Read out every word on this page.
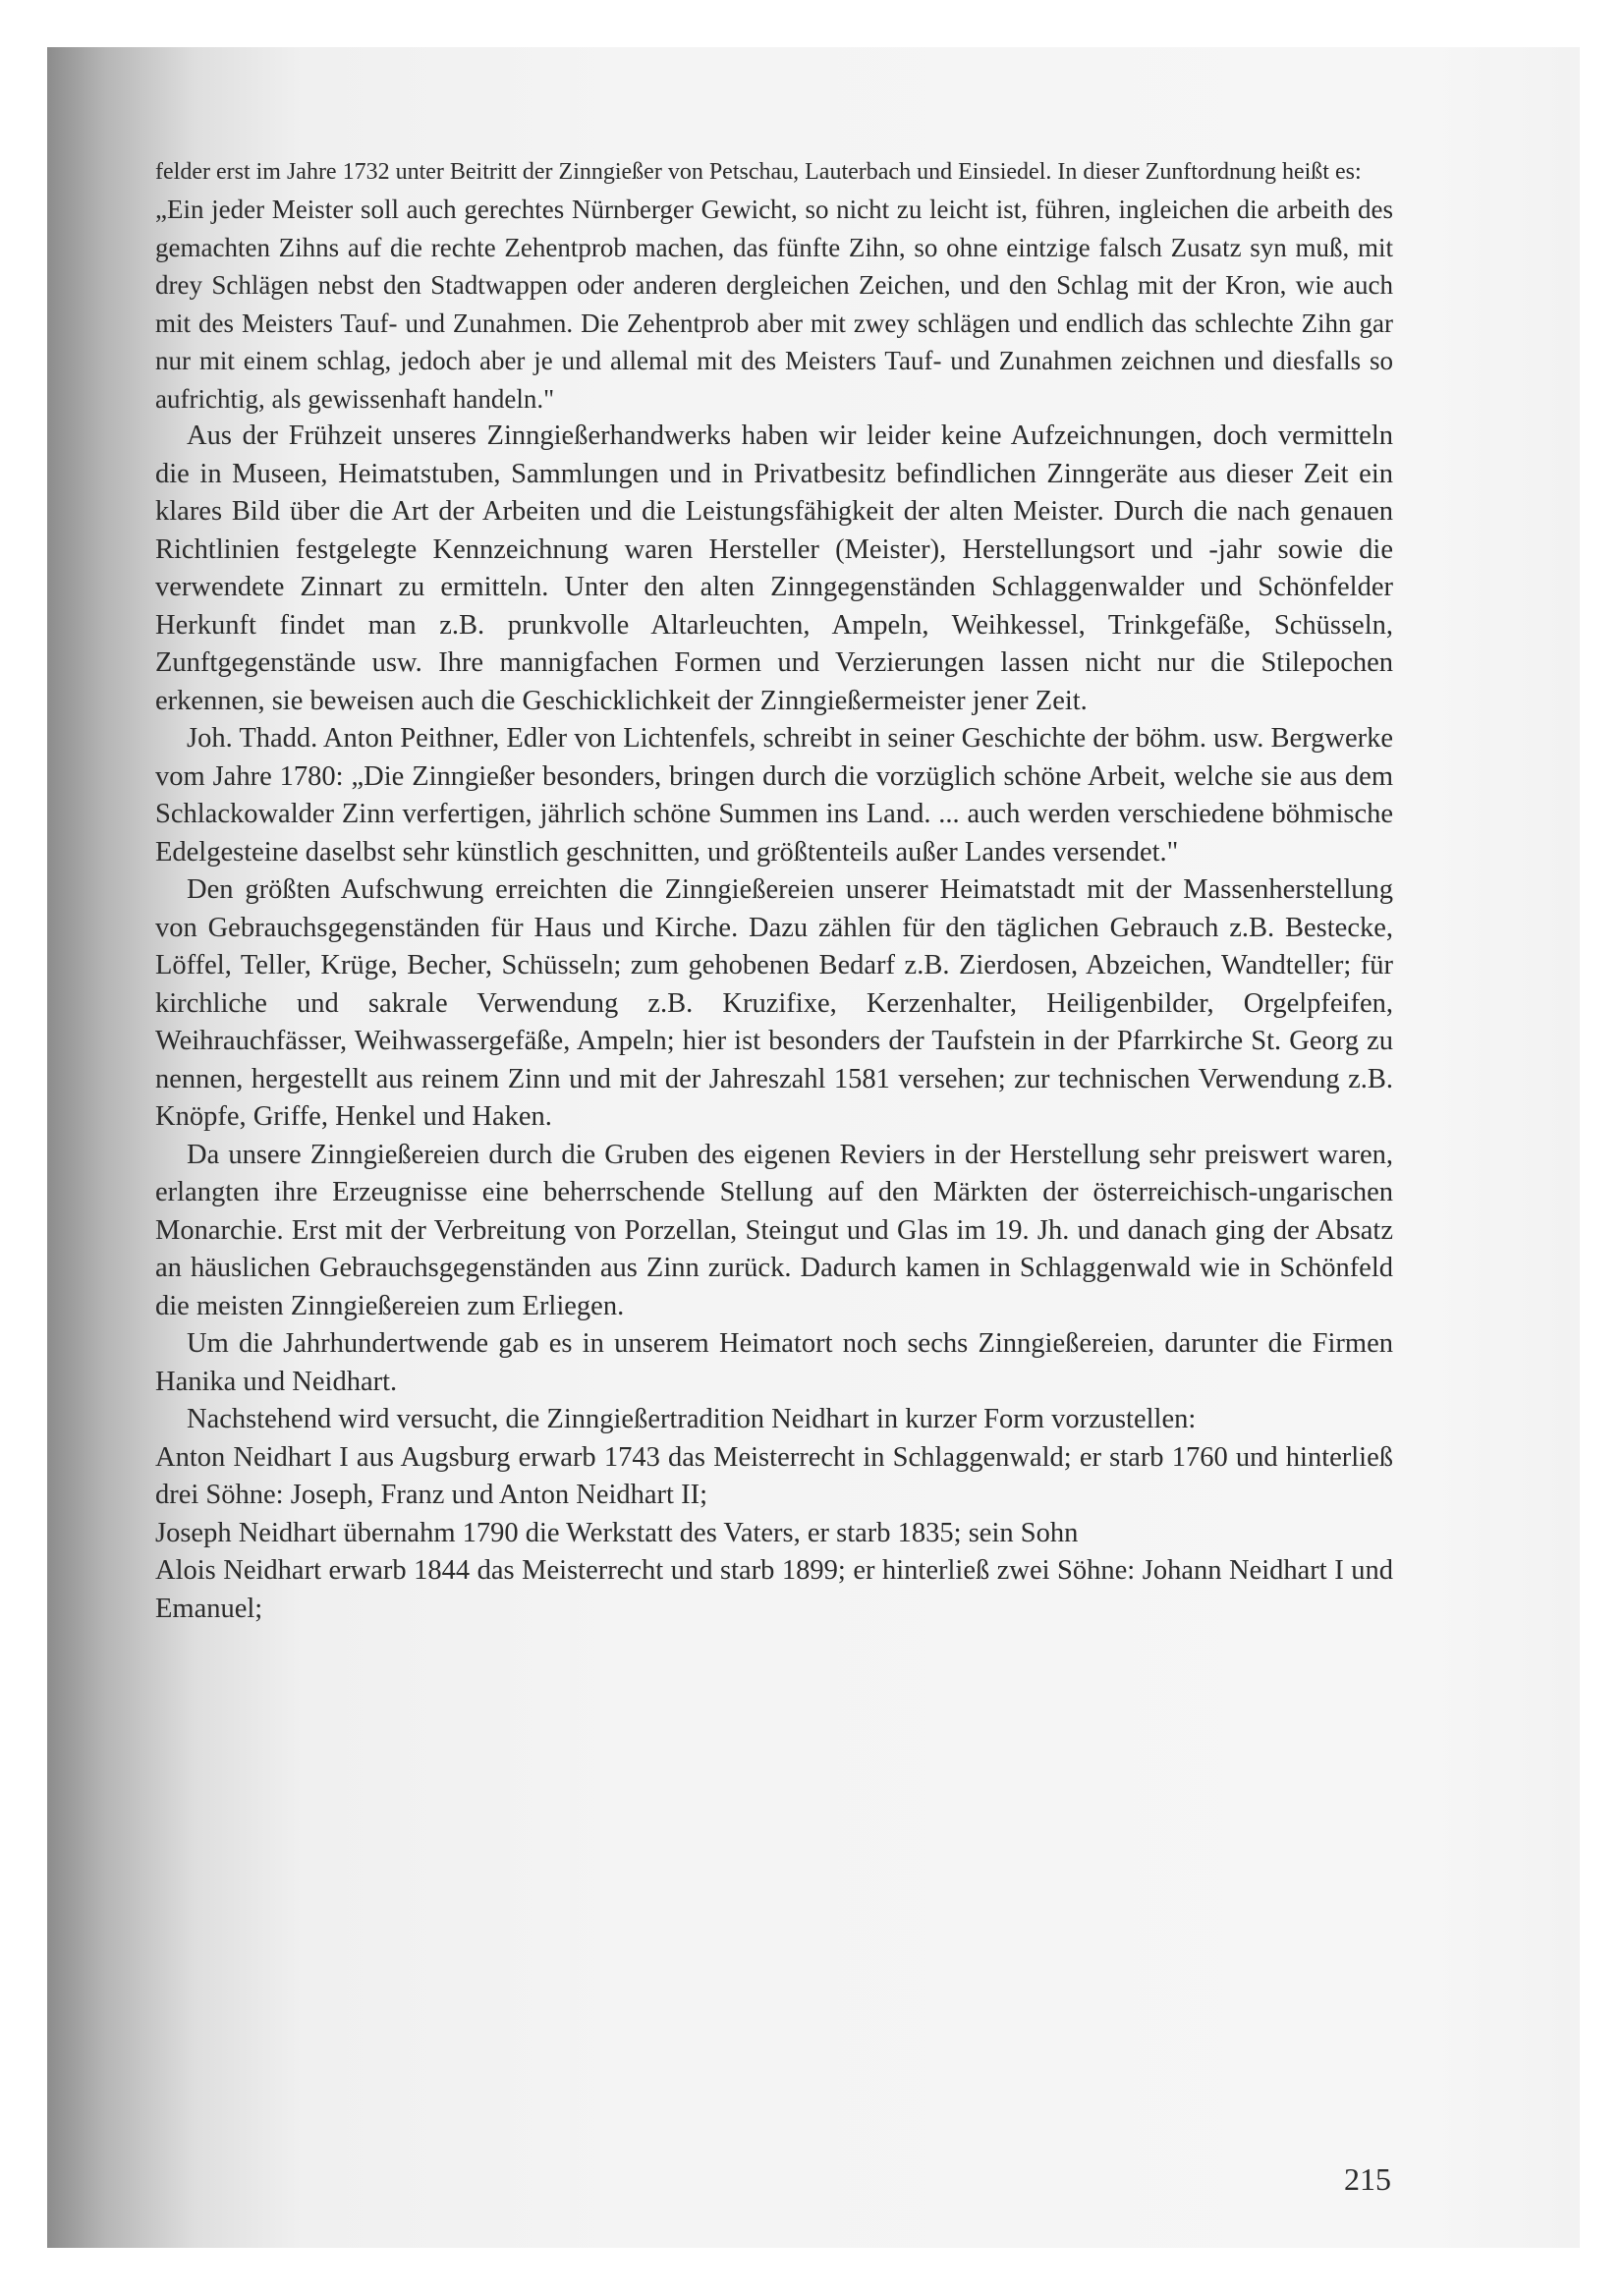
felder erst im Jahre 1732 unter Beitritt der Zinngießer von Petschau, Lauterbach und Einsiedel. In dieser Zunftordnung heißt es:

„Ein jeder Meister soll auch gerechtes Nürnberger Gewicht, so nicht zu leicht ist, führen, ingleichen die arbeith des gemachten Zihns auf die rechte Zehentprob machen, das fünfte Zihn, so ohne eintzige falsch Zusatz syn muß, mit drey Schlägen nebst den Stadtwappen oder anderen dergleichen Zeichen, und den Schlag mit der Kron, wie auch mit des Meisters Tauf- und Zunahmen. Die Zehentprob aber mit zwey schlägen und endlich das schlechte Zihn gar nur mit einem schlag, jedoch aber je und allemal mit des Meisters Tauf- und Zunahmen zeichnen und diesfalls so aufrichtig, als gewissenhaft handeln."

Aus der Frühzeit unseres Zinngießerhandwerks haben wir leider keine Aufzeichnungen, doch vermitteln die in Museen, Heimatstuben, Sammlungen und in Privatbesitz befindlichen Zinngeräte aus dieser Zeit ein klares Bild über die Art der Arbeiten und die Leistungsfähigkeit der alten Meister. Durch die nach genauen Richtlinien festgelegte Kennzeichnung waren Hersteller (Meister), Herstellungsort und -jahr sowie die verwendete Zinnart zu ermitteln. Unter den alten Zinngegenständen Schlaggenwalder und Schönfelder Herkunft findet man z.B. prunkvolle Altarleuchten, Ampeln, Weihkessel, Trinkgefäße, Schüsseln, Zunftgegenstände usw. Ihre mannigfachen Formen und Verzierungen lassen nicht nur die Stilepochen erkennen, sie beweisen auch die Geschicklichkeit der Zinngießermeister jener Zeit.

Joh. Thadd. Anton Peithner, Edler von Lichtenfels, schreibt in seiner Geschichte der böhm. usw. Bergwerke vom Jahre 1780: „Die Zinngießer besonders, bringen durch die vorzüglich schöne Arbeit, welche sie aus dem Schlackowalder Zinn verfertigen, jährlich schöne Summen ins Land. ... auch werden verschiedene böhmische Edelgesteine daselbst sehr künstlich geschnitten, und größtenteils außer Landes versendet."

Den größten Aufschwung erreichten die Zinngießereien unserer Heimatstadt mit der Massenherstellung von Gebrauchsgegenständen für Haus und Kirche. Dazu zählen für den täglichen Gebrauch z.B. Bestecke, Löffel, Teller, Krüge, Becher, Schüsseln; zum gehobenen Bedarf z.B. Zierdosen, Abzeichen, Wandteller; für kirchliche und sakrale Verwendung z.B. Kruzifixe, Kerzenhalter, Heiligenbilder, Orgelpfeifen, Weihrauchfässer, Weihwassergefäße, Ampeln; hier ist besonders der Taufstein in der Pfarrkirche St. Georg zu nennen, hergestellt aus reinem Zinn und mit der Jahreszahl 1581 versehen; zur technischen Verwendung z.B. Knöpfe, Griffe, Henkel und Haken.

Da unsere Zinngießereien durch die Gruben des eigenen Reviers in der Herstellung sehr preiswert waren, erlangten ihre Erzeugnisse eine beherrschende Stellung auf den Märkten der österreichisch-ungarischen Monarchie. Erst mit der Verbreitung von Porzellan, Steingut und Glas im 19. Jh. und danach ging der Absatz an häuslichen Gebrauchsgegenständen aus Zinn zurück. Dadurch kamen in Schlaggenwald wie in Schönfeld die meisten Zinngießereien zum Erliegen.

Um die Jahrhundertwende gab es in unserem Heimatort noch sechs Zinngießereien, darunter die Firmen Hanika und Neidhart.

Nachstehend wird versucht, die Zinngießertradition Neidhart in kurzer Form vorzustellen:

Anton Neidhart I aus Augsburg erwarb 1743 das Meisterrecht in Schlaggenwald; er starb 1760 und hinterließ drei Söhne: Joseph, Franz und Anton Neidhart II;

Joseph Neidhart übernahm 1790 die Werkstatt des Vaters, er starb 1835; sein Sohn

Alois Neidhart erwarb 1844 das Meisterrecht und starb 1899; er hinterließ zwei Söhne: Johann Neidhart I und Emanuel;

215
